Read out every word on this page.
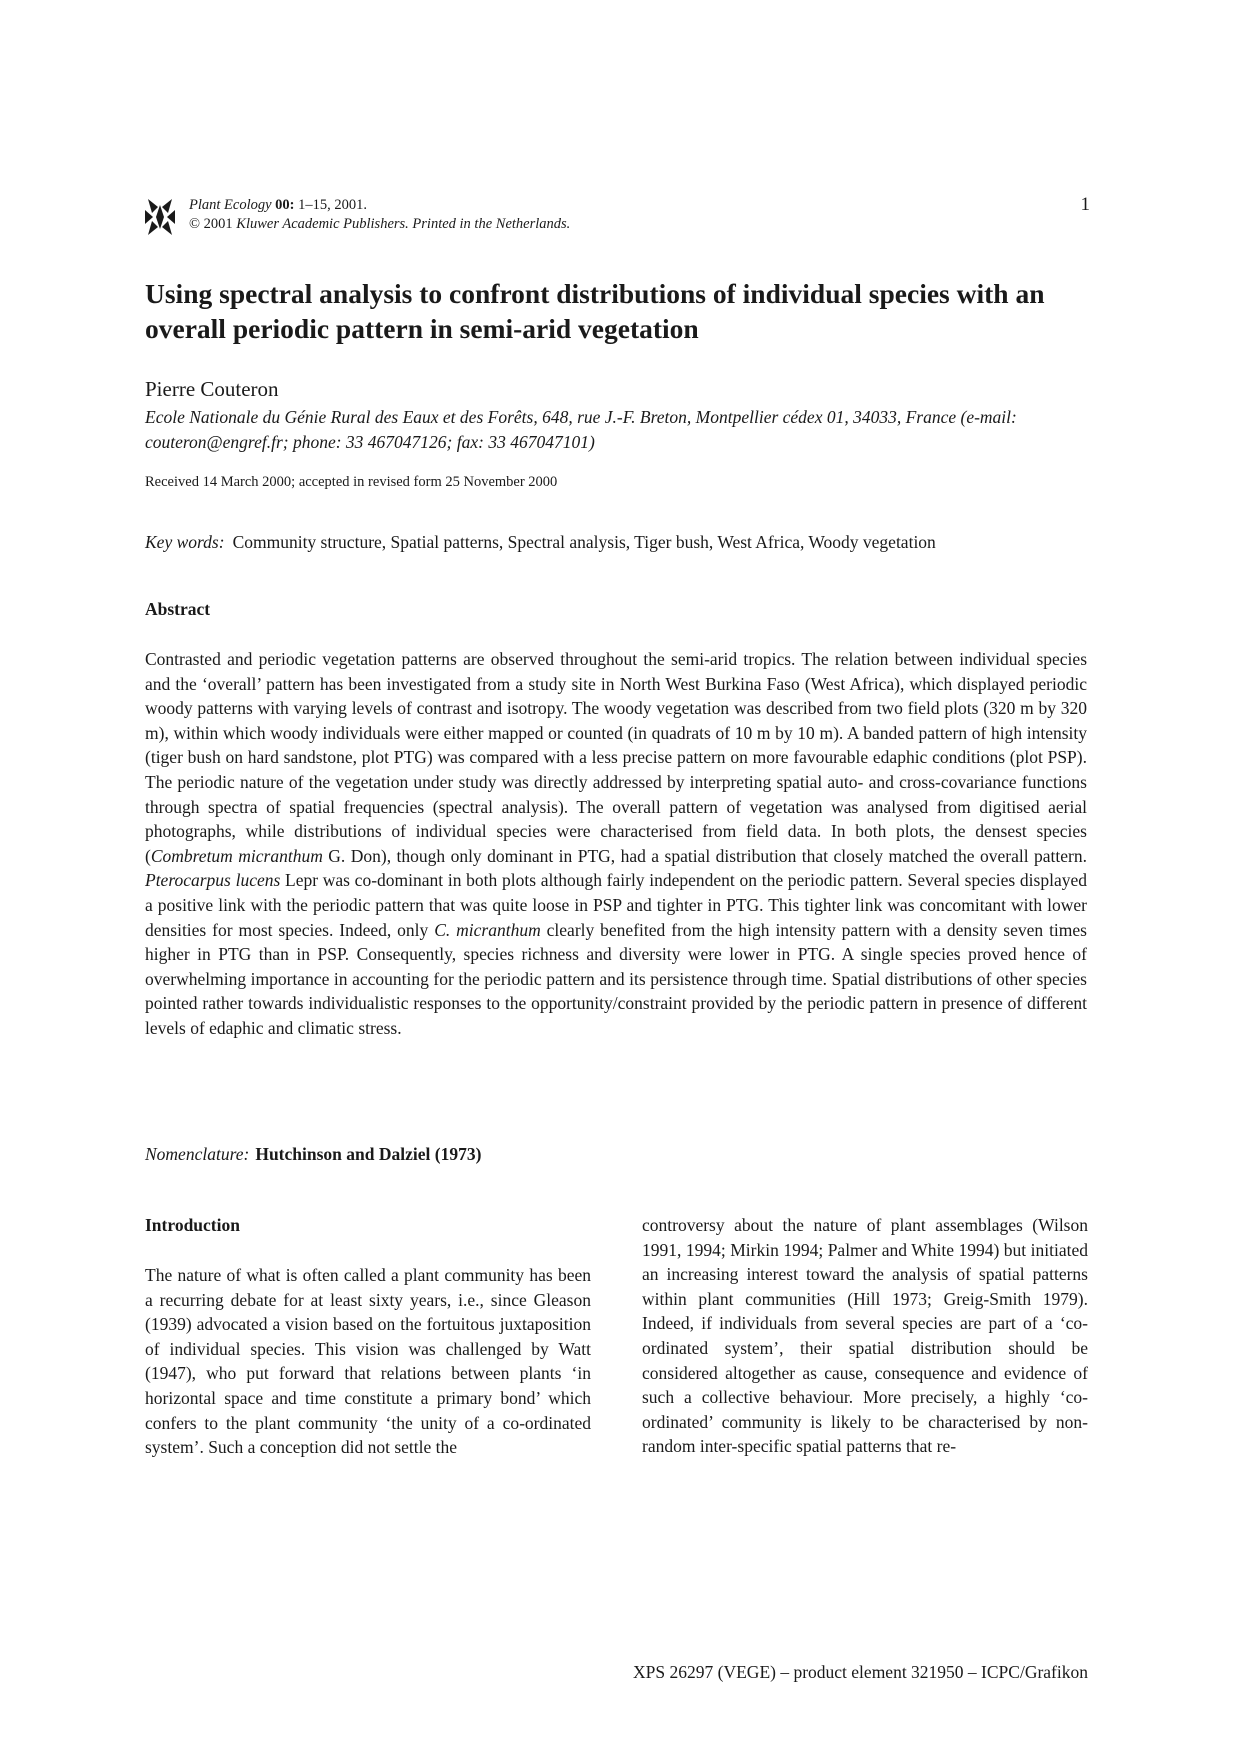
Plant Ecology 00: 1–15, 2001.
© 2001 Kluwer Academic Publishers. Printed in the Netherlands.
1
Using spectral analysis to confront distributions of individual species with an overall periodic pattern in semi-arid vegetation
Pierre Couteron
Ecole Nationale du Génie Rural des Eaux et des Forêts, 648, rue J.-F. Breton, Montpellier cédex 01, 34033, France (e-mail: couteron@engref.fr; phone: 33 467047126; fax: 33 467047101)
Received 14 March 2000; accepted in revised form 25 November 2000
Key words: Community structure, Spatial patterns, Spectral analysis, Tiger bush, West Africa, Woody vegetation
Abstract

Contrasted and periodic vegetation patterns are observed throughout the semi-arid tropics. The relation between individual species and the ‘overall’ pattern has been investigated from a study site in North West Burkina Faso (West Africa), which displayed periodic woody patterns with varying levels of contrast and isotropy. The woody vegetation was described from two field plots (320 m by 320 m), within which woody individuals were either mapped or counted (in quadrats of 10 m by 10 m). A banded pattern of high intensity (tiger bush on hard sandstone, plot PTG) was compared with a less precise pattern on more favourable edaphic conditions (plot PSP). The periodic nature of the vegetation under study was directly addressed by interpreting spatial auto- and cross-covariance functions through spectra of spatial frequencies (spectral analysis). The overall pattern of vegetation was analysed from digitised aerial photographs, while distributions of individual species were characterised from field data. In both plots, the densest species (Combretum micranthum G. Don), though only dominant in PTG, had a spatial distribution that closely matched the overall pattern. Pterocarpus lucens Lepr was co-dominant in both plots although fairly independent on the periodic pattern. Several species displayed a positive link with the periodic pattern that was quite loose in PSP and tighter in PTG. This tighter link was concomitant with lower densities for most species. Indeed, only C. micranthum clearly benefited from the high intensity pattern with a density seven times higher in PTG than in PSP. Consequently, species richness and diversity were lower in PTG. A single species proved hence of overwhelming importance in accounting for the periodic pattern and its persistence through time. Spatial distributions of other species pointed rather towards individualistic responses to the opportunity/constraint provided by the periodic pattern in presence of different levels of edaphic and climatic stress.

Nomenclature: Hutchinson and Dalziel (1973)
Introduction

The nature of what is often called a plant community has been a recurring debate for at least sixty years, i.e., since Gleason (1939) advocated a vision based on the fortuitous juxtaposition of individual species. This vision was challenged by Watt (1947), who put forward that relations between plants ‘in horizontal space and time constitute a primary bond’ which confers to the plant community ‘the unity of a co-ordinated system’. Such a conception did not settle the

controversy about the nature of plant assemblages (Wilson 1991, 1994; Mirkin 1994; Palmer and White 1994) but initiated an increasing interest toward the analysis of spatial patterns within plant communities (Hill 1973; Greig-Smith 1979). Indeed, if individuals from several species are part of a ‘co-ordinated system’, their spatial distribution should be considered altogether as cause, consequence and evidence of such a collective behaviour. More precisely, a highly ‘co-ordinated’ community is likely to be characterised by non-random inter-specific spatial patterns that re-

XPS 26297 (VEGE) – product element 321950 – ICPC/Grafikon
